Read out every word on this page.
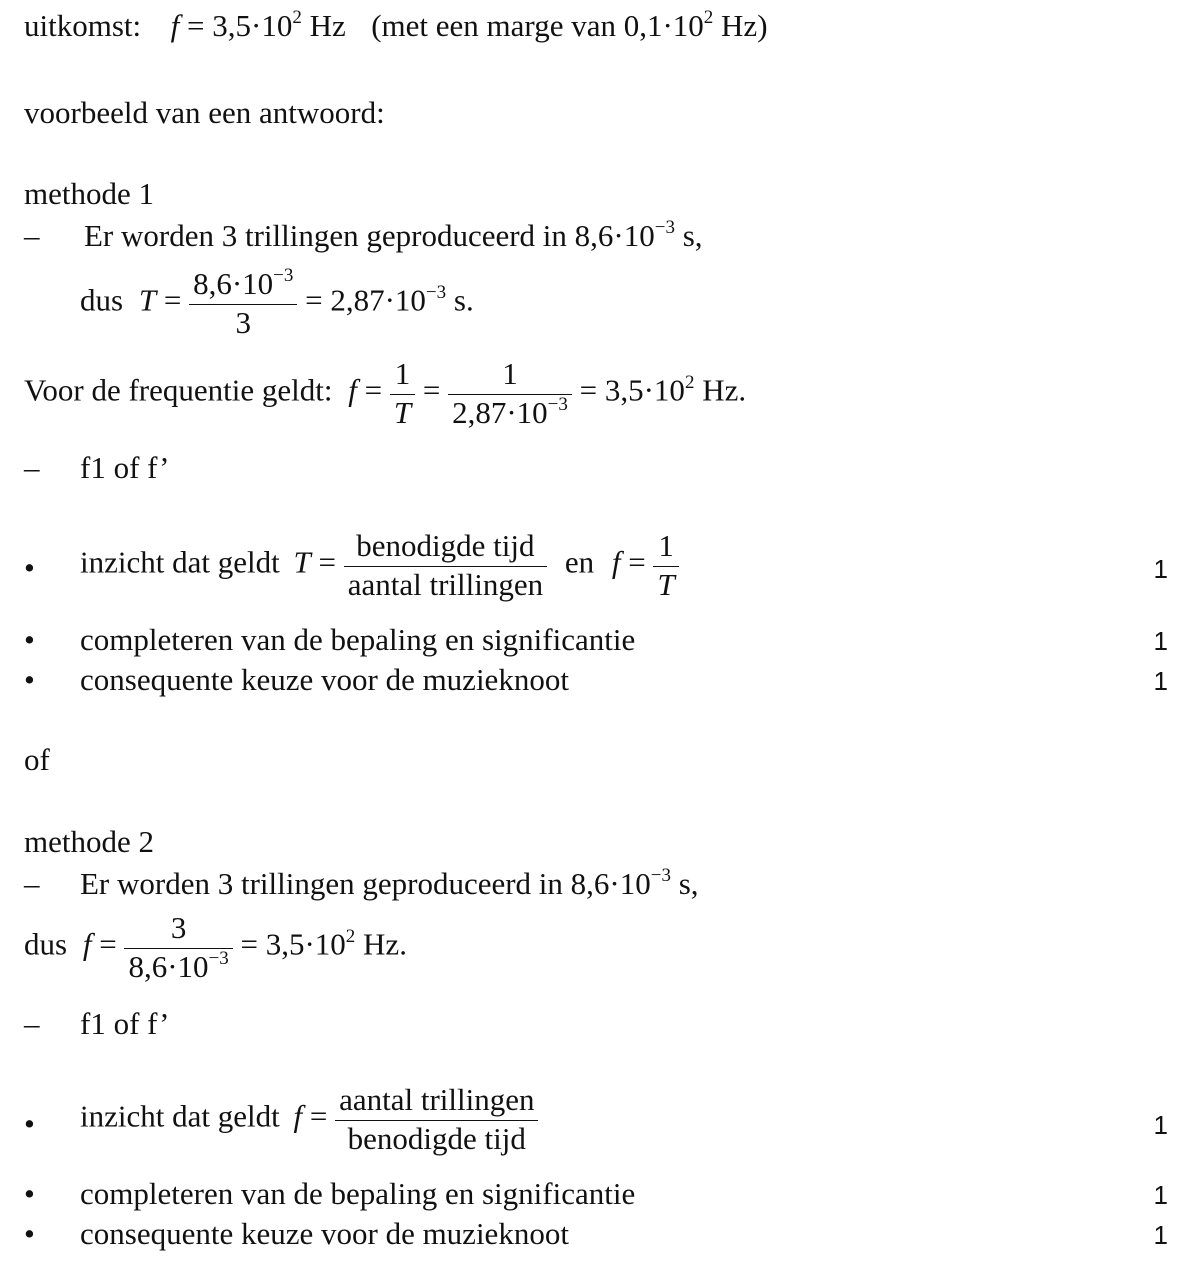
uitkomst: $f = 3,5\cdot 10^2$ Hz  (met een marge van $0,1\cdot 10^2$ Hz)
voorbeeld van een antwoord:
methode 1
– Er worden 3 trillingen geproduceerd in $8,6\cdot 10^{-3}$ s,
dus $T = \frac{8,6\cdot 10^{-3}}{3} = 2,87\cdot 10^{-3}$ s.
Voor de frequentie geldt: $f = \frac{1}{T} = \frac{1}{2,87\cdot 10^{-3}} = 3,5\cdot 10^2$ Hz.
– f1 of f’
• inzicht dat geldt $T = \frac{\text{benodigde tijd}}{\text{aantal trillingen}}$ en $f = \frac{1}{T}$	1
• completeren van de bepaling en significantie	1
• consequente keuze voor de muzieknoot	1
of
methode 2
– Er worden 3 trillingen geproduceerd in $8,6\cdot 10^{-3}$ s,
dus $f = \frac{3}{8,6\cdot 10^{-3}} = 3,5\cdot 10^2$ Hz.
– f1 of f’
• inzicht dat geldt $f = \frac{\text{aantal trillingen}}{\text{benodigde tijd}}$	1
• completeren van de bepaling en significantie	1
• consequente keuze voor de muzieknoot	1
